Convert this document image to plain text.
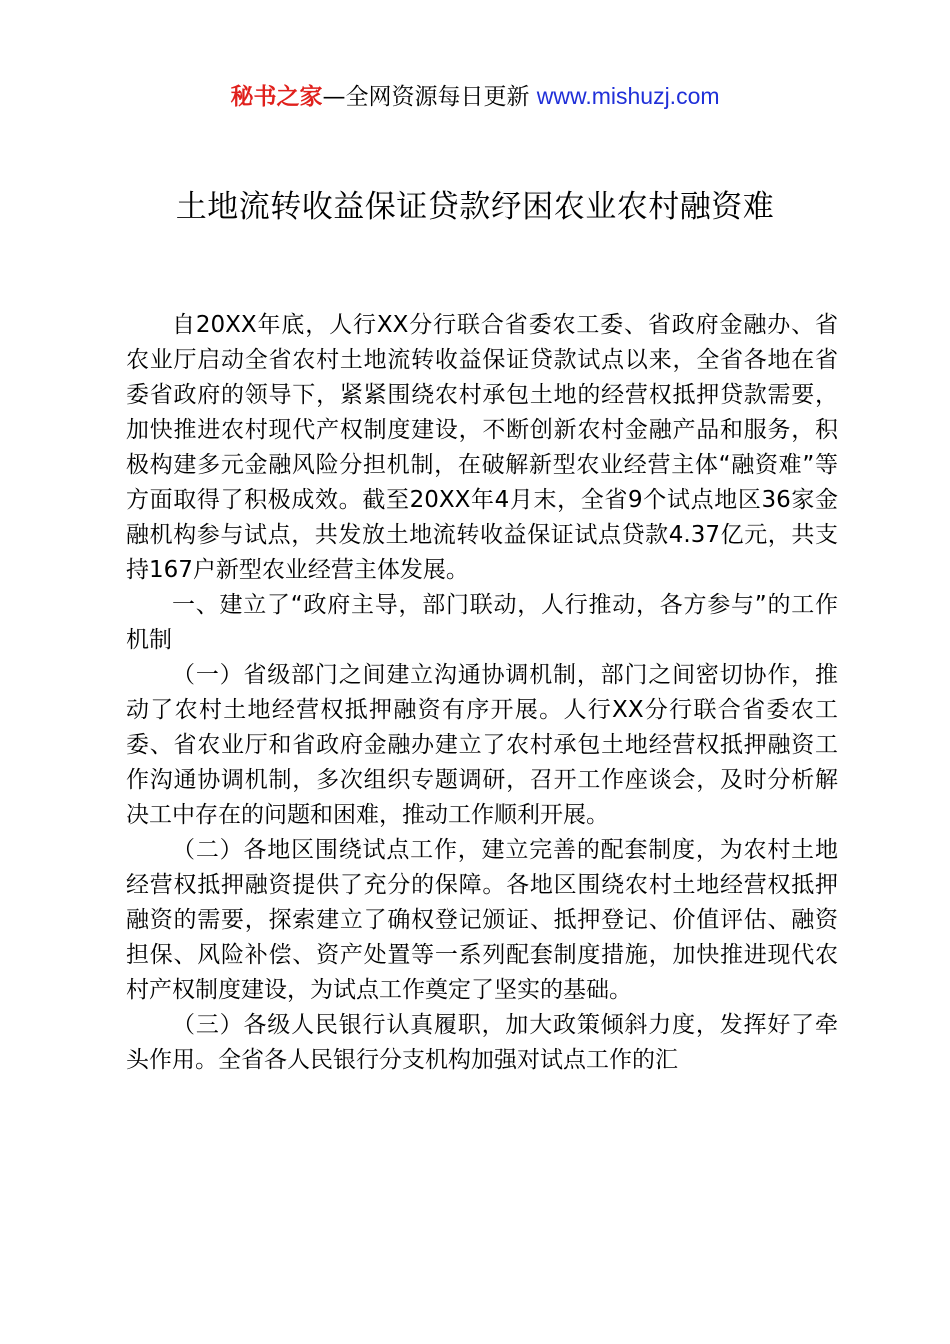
秘书之家—全网资源每日更新 www.mishuzj.com
土地流转收益保证贷款纾困农业农村融资难

自20XX年底，人行XX分行联合省委农工委、省政府金融办、省农业厅启动全省农村土地流转收益保证贷款试点以来，全省各地在省委省政府的领导下，紧紧围绕农村承包土地的经营权抵押贷款需要，加快推进农村现代产权制度建设，不断创新农村金融产品和服务，积极构建多元金融风险分担机制，在破解新型农业经营主体“融资难”等方面取得了积极成效。截至20XX年4月末，全省9个试点地区36家金融机构参与试点，共发放土地流转收益保证试点贷款4.37亿元，共支持167户新型农业经营主体发展。

一、建立了“政府主导，部门联动，人行推动，各方参与”的工作机制

（一）省级部门之间建立沟通协调机制，部门之间密切协作，推动了农村土地经营权抵押融资有序开展。人行XX分行联合省委农工委、省农业厅和省政府金融办建立了农村承包土地经营权抵押融资工作沟通协调机制，多次组织专题调研，召开工作座谈会，及时分析解决工中存在的问题和困难，推动工作顺利开展。

（二）各地区围绕试点工作，建立完善的配套制度，为农村土地经营权抵押融资提供了充分的保障。各地区围绕农村土地经营权抵押融资的需要，探索建立了确权登记颁证、抵押登记、价值评估、融资担保、风险补偿、资产处置等一系列配套制度措施，加快推进现代农村产权制度建设，为试点工作奠定了坚实的基础。

（三）各级人民银行认真履职，加大政策倾斜力度，发挥好了牵头作用。全省各人民银行分支机构加强对试点工作的汇
